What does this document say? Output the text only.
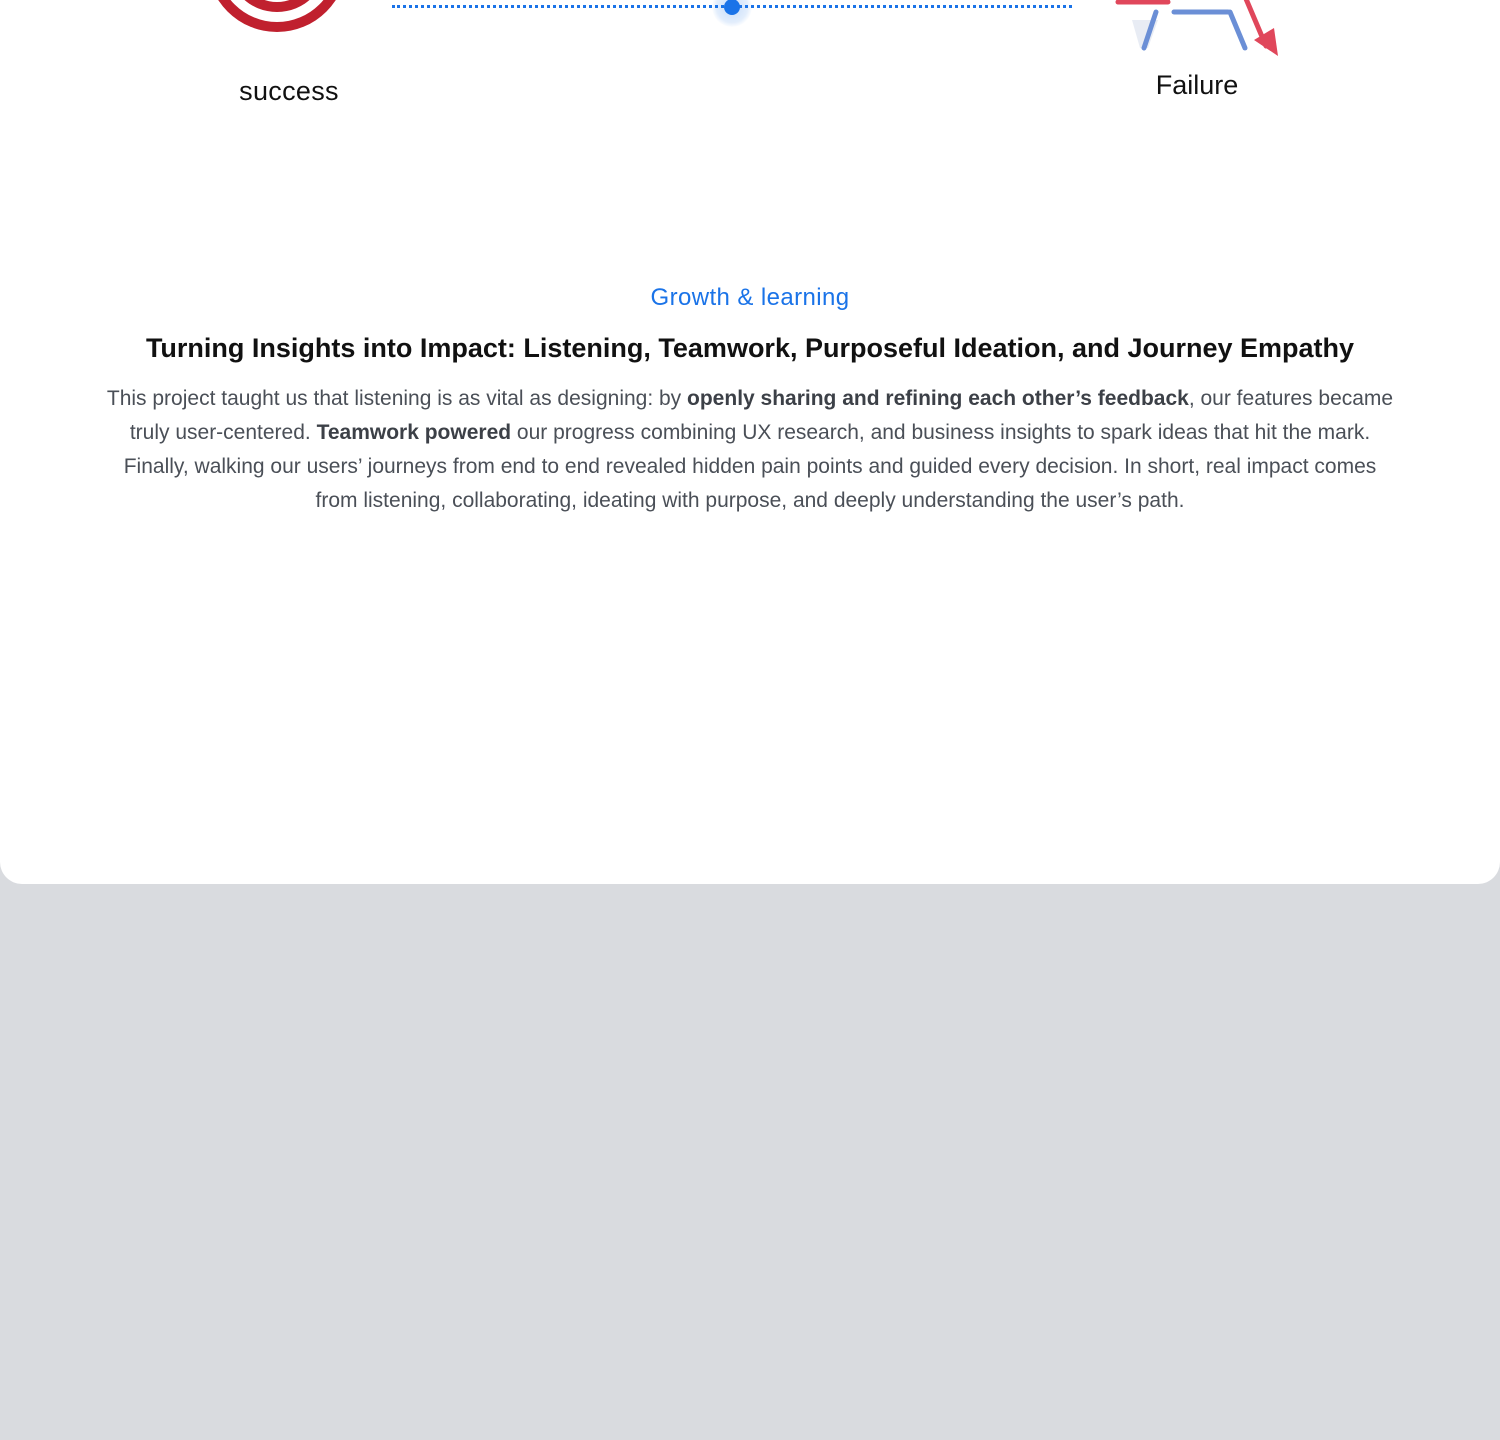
success	Failure

Growth & learning

Turning Insights into Impact: Listening, Teamwork, Purposeful Ideation, and Journey Empathy

This project taught us that listening is as vital as designing: by openly sharing and refining each other’s feedback, our features became truly user-centered. Teamwork powered our progress combining UX research, and business insights to spark ideas that hit the mark. Finally, walking our users’ journeys from end to end revealed hidden pain points and guided every decision. In short, real impact comes from listening, collaborating, ideating with purpose, and deeply understanding the user’s path.
